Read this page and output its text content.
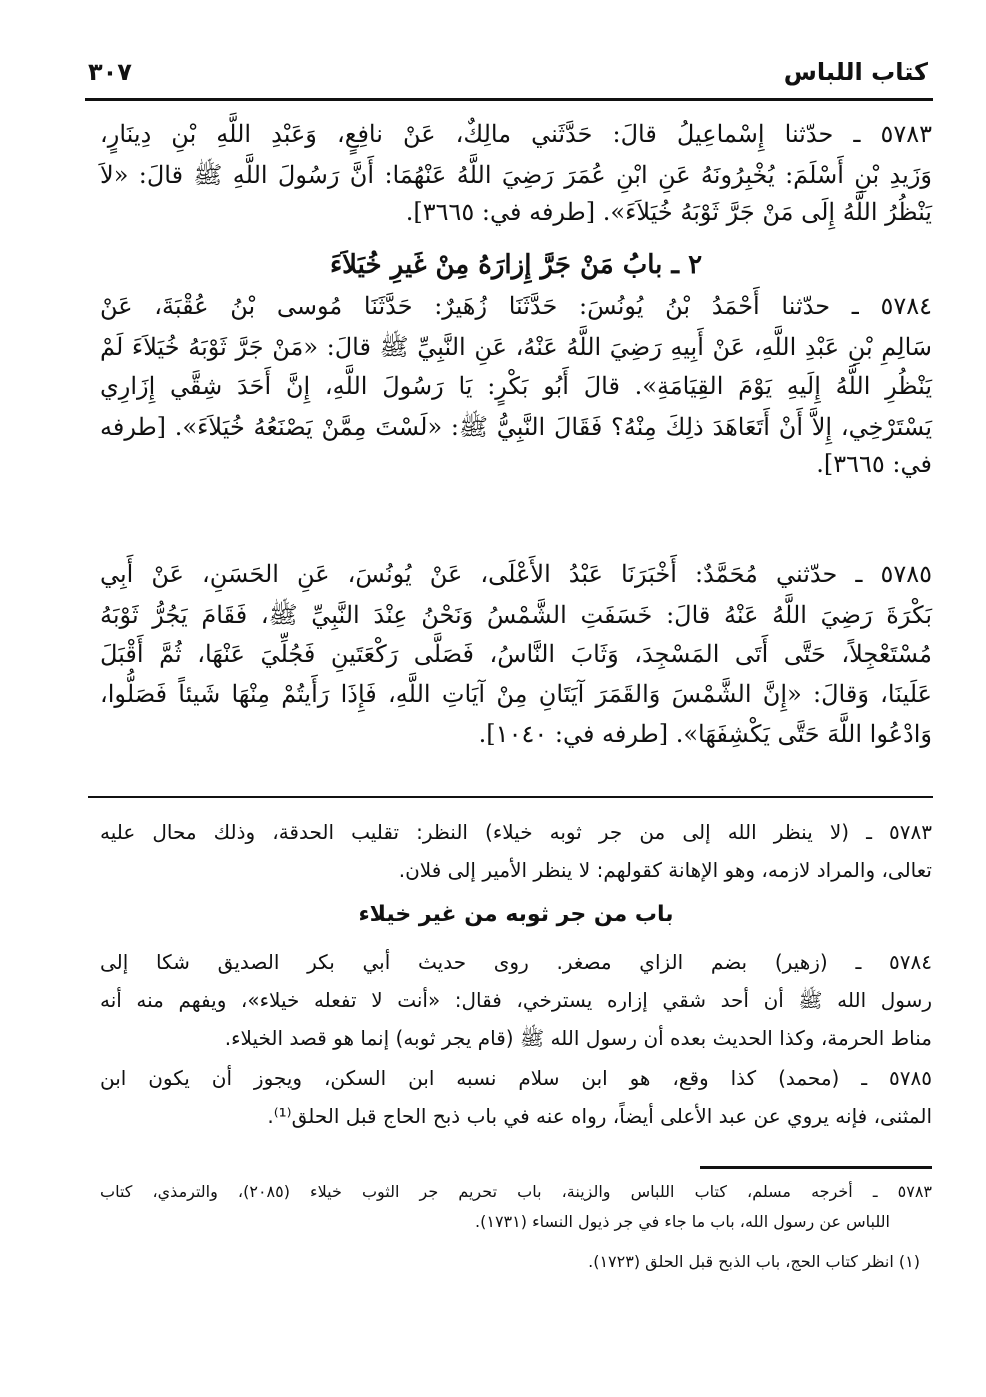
كتاب اللباس
٣٠٧
٥٧٨٣ ـ حدّثنا إِسْماعِيلُ قالَ: حَدَّثَني مالِكٌ، عَنْ نافِعٍ، وَعَبْدِ اللَّهِ بْنِ دِينَارٍ،
وَزَيدِ بْنِ أَسْلَمَ: يُخْبِرُونَهُ عَنِ ابْنِ عُمَرَ رَضِيَ اللَّهُ عَنْهُمَا: أَنَّ رَسُولَ اللَّهِ ﷺ قالَ: «لاَ
يَنْظُرُ اللَّهُ إِلَى مَنْ جَرَّ ثَوْبَهُ خُيَلاَءَ». [طرفه في: ٣٦٦٥].
٢ ـ بابُ مَنْ جَرَّ إِزارَهُ مِنْ غَيرِ خُيَلاَءَ
٥٧٨٤ ـ حدّثنا أَحْمَدُ بْنُ يُونُسَ: حَدَّثَنَا زُهَيرٌ: حَدَّثَنَا مُوسى بْنُ عُقْبَةَ، عَنْ
سَالِمِ بْنِ عَبْدِ اللَّهِ، عَنْ أَبِيهِ رَضِيَ اللَّهُ عَنْهُ، عَنِ النَّبِيِّ ﷺ قالَ: «مَنْ جَرَّ ثَوْبَهُ خُيَلاَءَ لَمْ
يَنْظُرِ اللَّهُ إِلَيهِ يَوْمَ القِيَامَةِ». قالَ أَبُو بَكْرٍ: يَا رَسُولَ اللَّهِ، إِنَّ أَحَدَ شِقَّي إِزَارِي
يَسْتَرْخِي، إِلاَّ أَنْ أَتَعَاهَدَ ذلِكَ مِنْهُ؟ فَقَالَ النَّبِيُّ ﷺ: «لَسْتَ مِمَّنْ يَصْنَعُهُ خُيَلاَءَ». [طرفه
في: ٣٦٦٥].
٥٧٨٥ ـ حدّثني مُحَمَّدٌ: أَخْبَرَنَا عَبْدُ الأَعْلَى، عَنْ يُونُسَ، عَنِ الحَسَنِ، عَنْ أَبِي
بَكْرَةَ رَضِيَ اللَّهُ عَنْهُ قالَ: خَسَفَتِ الشَّمْسُ وَنَحْنُ عِنْدَ النَّبِيِّ ﷺ، فَقَامَ يَجُرُّ ثَوْبَهُ
مُسْتَعْجِلاً، حَتَّى أَتَى المَسْجِدَ، وَثَابَ النَّاسُ، فَصَلَّى رَكْعَتَينِ فَجُلِّيَ عَنْهَا، ثُمَّ أَقْبَلَ
عَلَينَا، وَقالَ: «إِنَّ الشَّمْسَ وَالقَمَرَ آيَتَانِ مِنْ آيَاتِ اللَّهِ، فَإِذَا رَأَيتُمْ مِنْهَا شَيئاً فَصَلُّوا،
وَادْعُوا اللَّهَ حَتَّى يَكْشِفَهَا». [طرفه في: ١٠٤٠].
٥٧٨٣ ـ (لا ينظر الله إلى من جر ثوبه خيلاء) النظر: تقليب الحدقة، وذلك محال عليه
تعالى، والمراد لازمه، وهو الإهانة كقولهم: لا ينظر الأمير إلى فلان.
باب من جر ثوبه من غير خيلاء
٥٧٨٤ ـ (زهير) بضم الزاي مصغر. روى حديث أبي بكر الصديق شكا إلى
رسول الله ﷺ أن أحد شقي إزاره يسترخي، فقال: «أنت لا تفعله خيلاء»، ويفهم منه أنه
مناط الحرمة، وكذا الحديث بعده أن رسول الله ﷺ (قام يجر ثوبه) إنما هو قصد الخيلاء.
٥٧٨٥ ـ (محمد) كذا وقع، هو ابن سلام نسبه ابن السكن، ويجوز أن يكون ابن
المثنى، فإنه يروي عن عبد الأعلى أيضاً، رواه عنه في باب ذبح الحاج قبل الحلق⁽¹⁾.
٥٧٨٣ ـ أخرجه مسلم، كتاب اللباس والزينة، باب تحريم جر الثوب خيلاء (٢٠٨٥)، والترمذي، كتاب
اللباس عن رسول الله، باب ما جاء في جر ذيول النساء (١٧٣١).
(١) انظر كتاب الحج، باب الذبح قبل الحلق (١٧٢٣).
